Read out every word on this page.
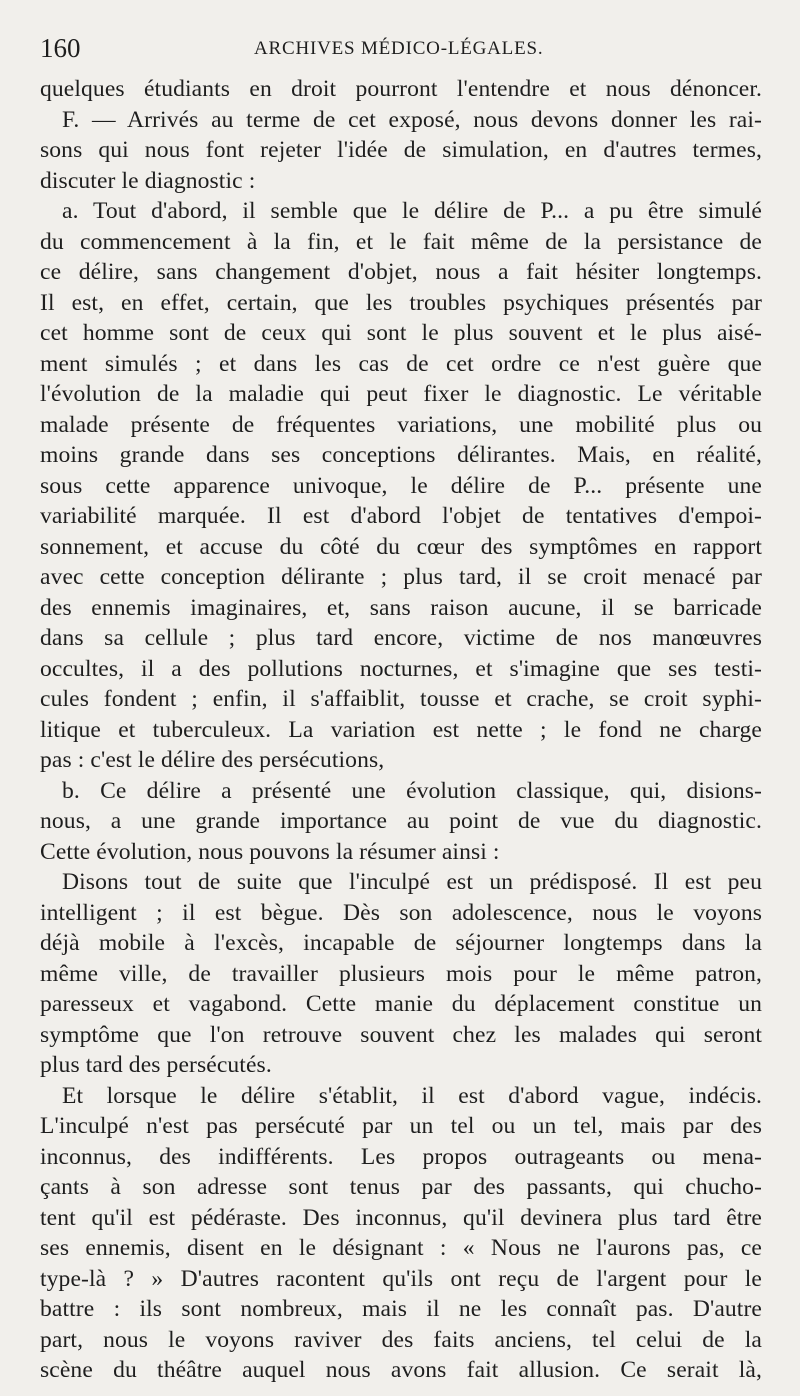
160	ARCHIVES MÉDICO-LÉGALES.
quelques étudiants en droit pourront l'entendre et nous dénoncer.
F. — Arrivés au terme de cet exposé, nous devons donner les rai-
sons qui nous font rejeter l'idée de simulation, en d'autres termes,
discuter le diagnostic :
a. Tout d'abord, il semble que le délire de P... a pu être simulé
du commencement à la fin, et le fait même de la persistance de
ce délire, sans changement d'objet, nous a fait hésiter longtemps.
Il est, en effet, certain, que les troubles psychiques présentés par
cet homme sont de ceux qui sont le plus souvent et le plus aisé-
ment simulés ; et dans les cas de cet ordre ce n'est guère que
l'évolution de la maladie qui peut fixer le diagnostic. Le véritable
malade présente de fréquentes variations, une mobilité plus ou
moins grande dans ses conceptions délirantes. Mais, en réalité,
sous cette apparence univoque, le délire de P... présente une
variabilité marquée. Il est d'abord l'objet de tentatives d'empoi-
sonnement, et accuse du côté du cœur des symptômes en rapport
avec cette conception délirante ; plus tard, il se croit menacé par
des ennemis imaginaires, et, sans raison aucune, il se barricade
dans sa cellule ; plus tard encore, victime de nos manœuvres
occultes, il a des pollutions nocturnes, et s'imagine que ses testi-
cules fondent ; enfin, il s'affaiblit, tousse et crache, se croit syphi-
litique et tuberculeux. La variation est nette ; le fond ne charge
pas : c'est le délire des persécutions,
b. Ce délire a présenté une évolution classique, qui, disions-
nous, a une grande importance au point de vue du diagnostic.
Cette évolution, nous pouvons la résumer ainsi :
Disons tout de suite que l'inculpé est un prédisposé. Il est peu
intelligent ; il est bègue. Dès son adolescence, nous le voyons
déjà mobile à l'excès, incapable de séjourner longtemps dans la
même ville, de travailler plusieurs mois pour le même patron,
paresseux et vagabond. Cette manie du déplacement constitue un
symptôme que l'on retrouve souvent chez les malades qui seront
plus tard des persécutés.
Et lorsque le délire s'établit, il est d'abord vague, indécis.
L'inculpé n'est pas persécuté par un tel ou un tel, mais par des
inconnus, des indifférents. Les propos outrageants ou mena-
çants à son adresse sont tenus par des passants, qui chucho-
tent qu'il est pédéraste. Des inconnus, qu'il devinera plus tard être
ses ennemis, disent en le désignant : « Nous ne l'aurons pas, ce
type-là ? » D'autres racontent qu'ils ont reçu de l'argent pour le
battre : ils sont nombreux, mais il ne les connaît pas. D'autre
part, nous le voyons raviver des faits anciens, tel celui de la
scène du théâtre auquel nous avons fait allusion. Ce serait là,
